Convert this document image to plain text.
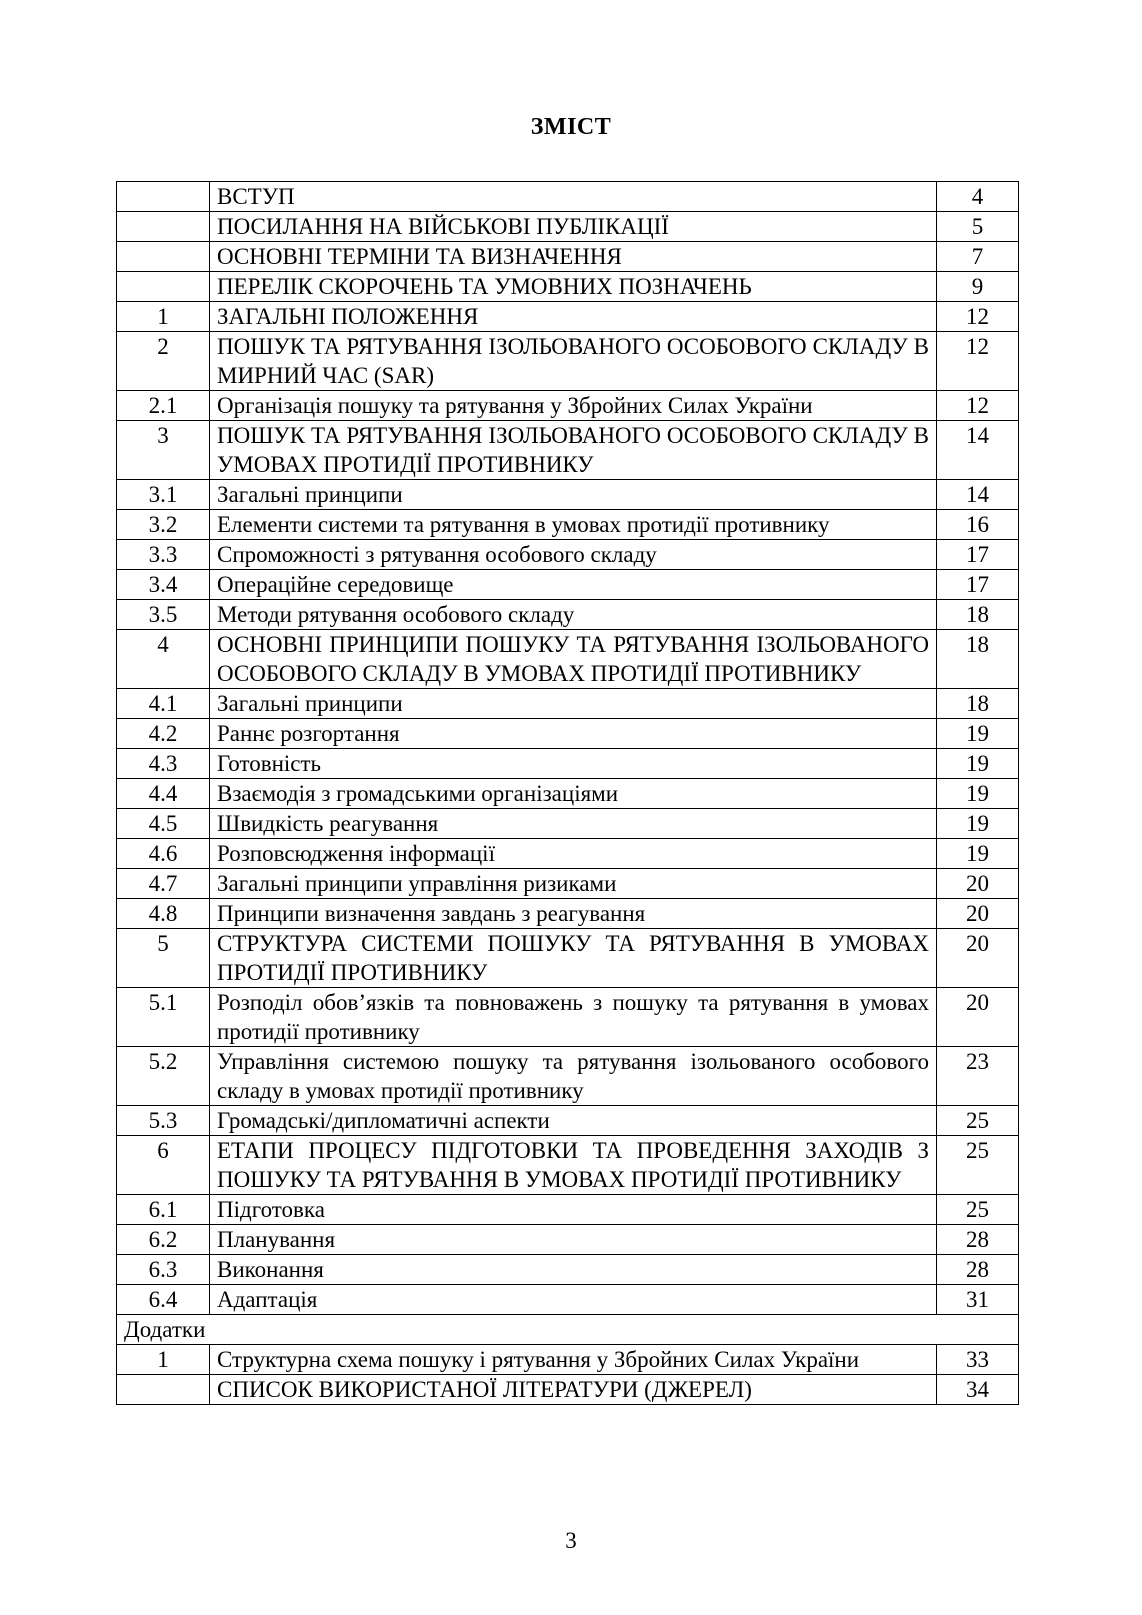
ЗМІСТ
	ВСТУП	4
	ПОСИЛАННЯ НА ВІЙСЬКОВІ ПУБЛІКАЦІЇ	5
	ОСНОВНІ ТЕРМІНИ ТА ВИЗНАЧЕННЯ	7
	ПЕРЕЛІК СКОРОЧЕНЬ ТА УМОВНИХ ПОЗНАЧЕНЬ	9
1	ЗАГАЛЬНІ ПОЛОЖЕННЯ	12
2	ПОШУК ТА РЯТУВАННЯ ІЗОЛЬОВАНОГО ОСОБОВОГО СКЛАДУ В МИРНИЙ ЧАС (SAR)	12
2.1	Організація пошуку та рятування у Збройних Силах України	12
3	ПОШУК ТА РЯТУВАННЯ ІЗОЛЬОВАНОГО ОСОБОВОГО СКЛАДУ В УМОВАХ ПРОТИДІЇ ПРОТИВНИКУ	14
3.1	Загальні принципи	14
3.2	Елементи системи та рятування в умовах протидії противнику	16
3.3	Спроможності з рятування особового складу	17
3.4	Операційне середовище	17
3.5	Методи рятування особового складу	18
4	ОСНОВНІ ПРИНЦИПИ ПОШУКУ ТА РЯТУВАННЯ ІЗОЛЬОВАНОГО ОСОБОВОГО СКЛАДУ В УМОВАХ ПРОТИДІЇ ПРОТИВНИКУ	18
4.1	Загальні принципи	18
4.2	Раннє розгортання	19
4.3	Готовність	19
4.4	Взаємодія з громадськими організаціями	19
4.5	Швидкість реагування	19
4.6	Розповсюдження інформації	19
4.7	Загальні принципи управління ризиками	20
4.8	Принципи визначення завдань з реагування	20
5	СТРУКТУРА СИСТЕМИ ПОШУКУ ТА РЯТУВАННЯ В УМОВАХ ПРОТИДІЇ ПРОТИВНИКУ	20
5.1	Розподіл обов’язків та повноважень з пошуку та рятування в умовах протидії противнику	20
5.2	Управління системою пошуку та рятування ізольованого особового складу в умовах протидії противнику	23
5.3	Громадські/дипломатичні аспекти	25
6	ЕТАПИ ПРОЦЕСУ ПІДГОТОВКИ ТА ПРОВЕДЕННЯ ЗАХОДІВ З ПОШУКУ ТА РЯТУВАННЯ В УМОВАХ ПРОТИДІЇ ПРОТИВНИКУ	25
6.1	Підготовка	25
6.2	Планування	28
6.3	Виконання	28
6.4	Адаптація	31
Додатки		
1	Структурна схема пошуку і рятування у Збройних Силах України	33
	СПИСОК ВИКОРИСТАНОЇ ЛІТЕРАТУРИ (ДЖЕРЕЛ)	34
3
